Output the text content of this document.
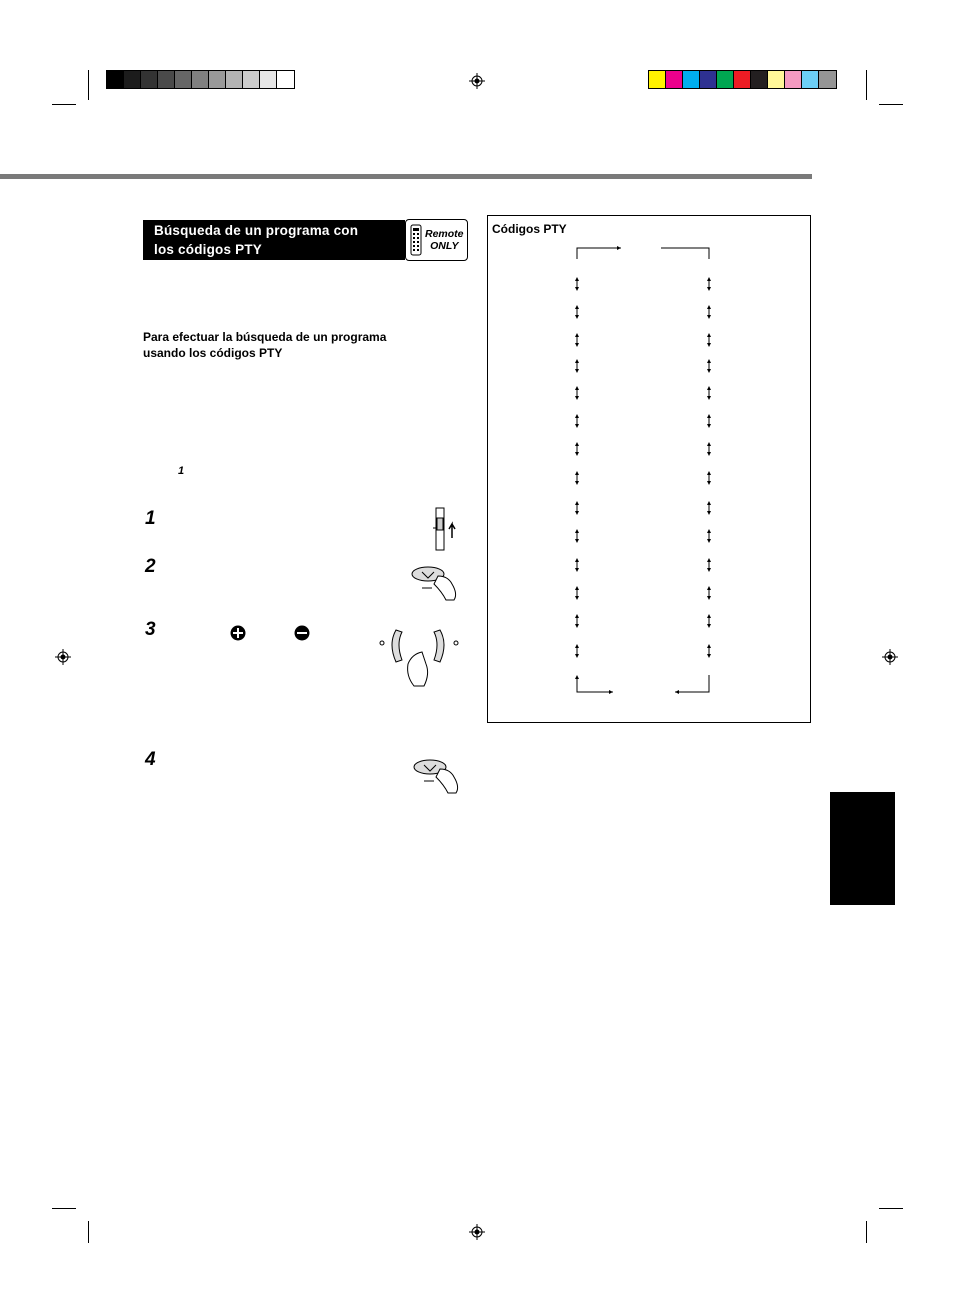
Búsqueda de un programa con
los códigos PTY
Remote
ONLY
Para efectuar la búsqueda de un programa
usando los códigos PTY
1
1
2
3
4
Códigos PTY
